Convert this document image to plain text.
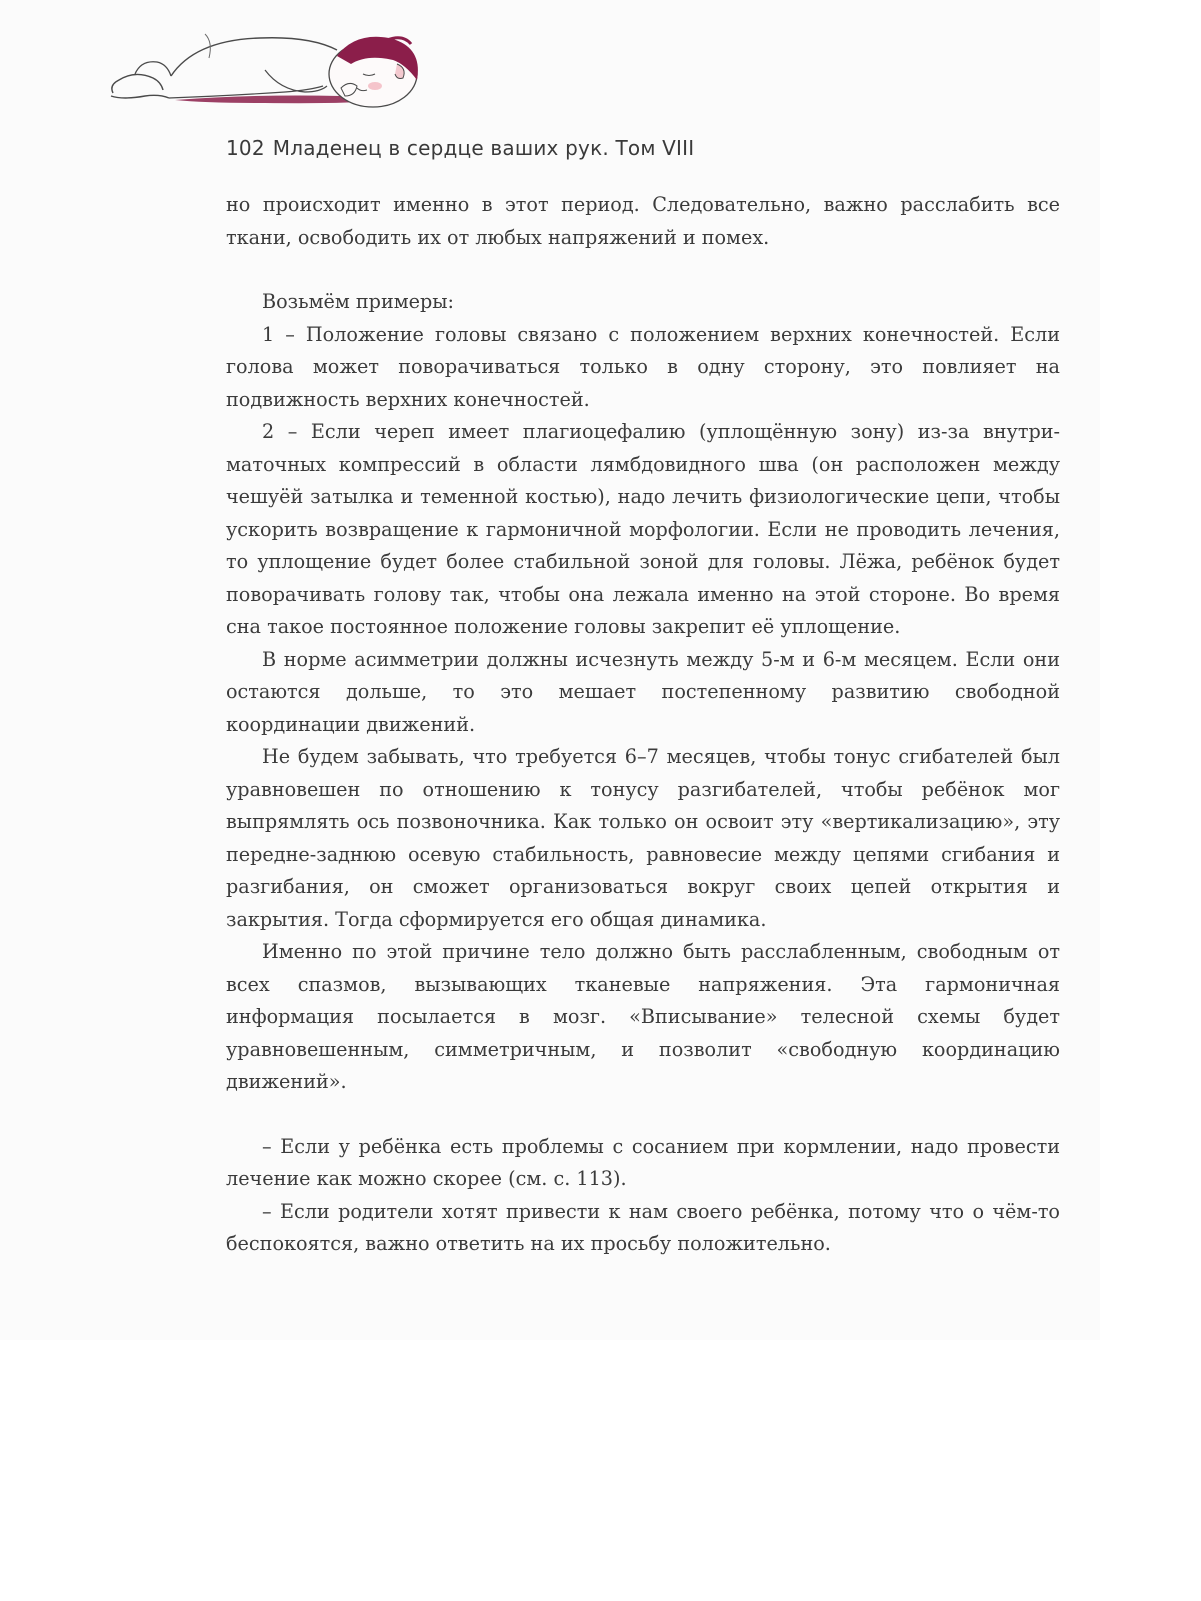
102 Младенец в сердце ваших рук. Том VIII

но происходит именно в этот период. Следовательно, важно расслабить все ткани, освободить их от любых напряжений и помех.

Возьмём примеры:

1 – Положение головы связано с положением верхних конечностей. Если голова может поворачиваться только в одну сторону, это повлияет на подвижность верхних конечностей.

2 – Если череп имеет плагиоцефалию (уплощённую зону) из-за внутриматочных компрессий в области лямбдовидного шва (он расположен между чешуёй затылка и теменной костью), надо лечить физиологические цепи, чтобы ускорить возвращение к гармоничной морфологии. Если не проводить лечения, то уплощение будет более стабильной зоной для головы. Лёжа, ребёнок будет поворачивать голову так, чтобы она лежала именно на этой стороне. Во время сна такое постоянное положение головы закрепит её уплощение.

В норме асимметрии должны исчезнуть между 5-м и 6-м месяцем. Если они остаются дольше, то это мешает постепенному развитию свободной координации движений.

Не будем забывать, что требуется 6–7 месяцев, чтобы тонус сгибателей был уравновешен по отношению к тонусу разгибателей, чтобы ребёнок мог выпрямлять ось позвоночника. Как только он освоит эту «вертикализацию», эту передне-заднюю осевую стабильность, равновесие между цепями сгибания и разгибания, он сможет организоваться вокруг своих цепей открытия и закрытия. Тогда сформируется его общая динамика.

Именно по этой причине тело должно быть расслабленным, свободным от всех спазмов, вызывающих тканевые напряжения. Эта гармоничная информация посылается в мозг. «Вписывание» телесной схемы будет уравновешенным, симметричным, и позволит «свободную координацию движений».

– Если у ребёнка есть проблемы с сосанием при кормлении, надо провести лечение как можно скорее (см. с. 113).

– Если родители хотят привести к нам своего ребёнка, потому что о чём-то беспокоятся, важно ответить на их просьбу положительно.
